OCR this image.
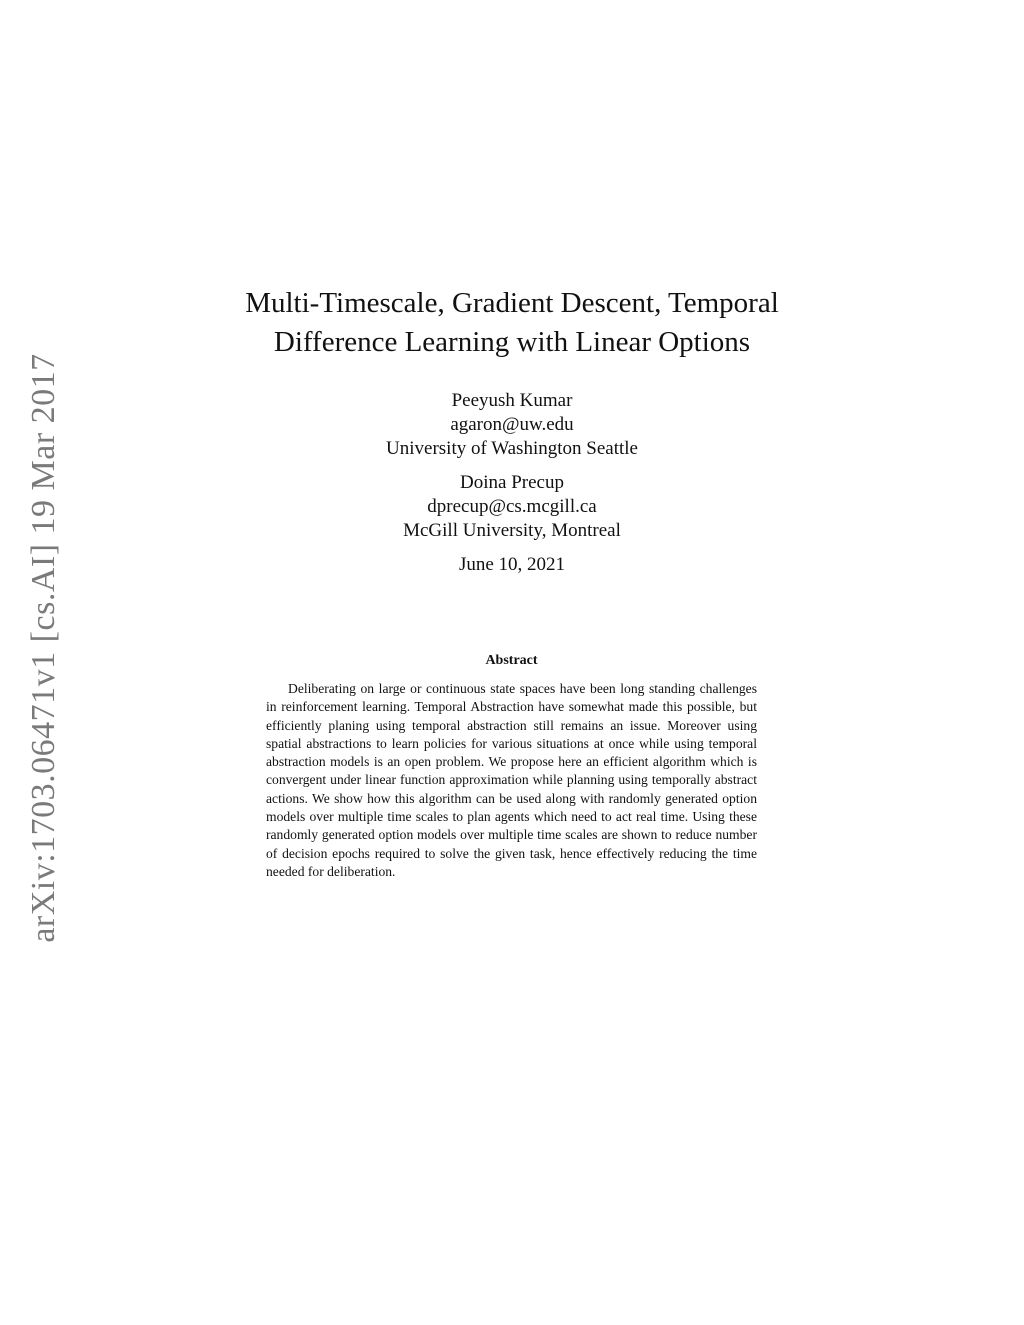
arXiv:1703.06471v1 [cs.AI] 19 Mar 2017
Multi-Timescale, Gradient Descent, Temporal
Difference Learning with Linear Options
Peeyush Kumar
agaron@uw.edu
University of Washington Seattle
Doina Precup
dprecup@cs.mcgill.ca
McGill University, Montreal
June 10, 2021
Abstract

Deliberating on large or continuous state spaces have been long standing challenges in reinforcement learning. Temporal Abstraction have somewhat made this possible, but efficiently planing using temporal abstraction still remains an issue. Moreover using spatial abstractions to learn policies for various situations at once while using temporal abstraction models is an open problem. We propose here an efficient algorithm which is convergent under linear function approximation while planning using temporally abstract actions. We show how this algorithm can be used along with randomly generated option models over multiple time scales to plan agents which need to act real time. Using these randomly generated option models over multiple time scales are shown to reduce number of decision epochs required to solve the given task, hence effectively reducing the time needed for deliberation.
